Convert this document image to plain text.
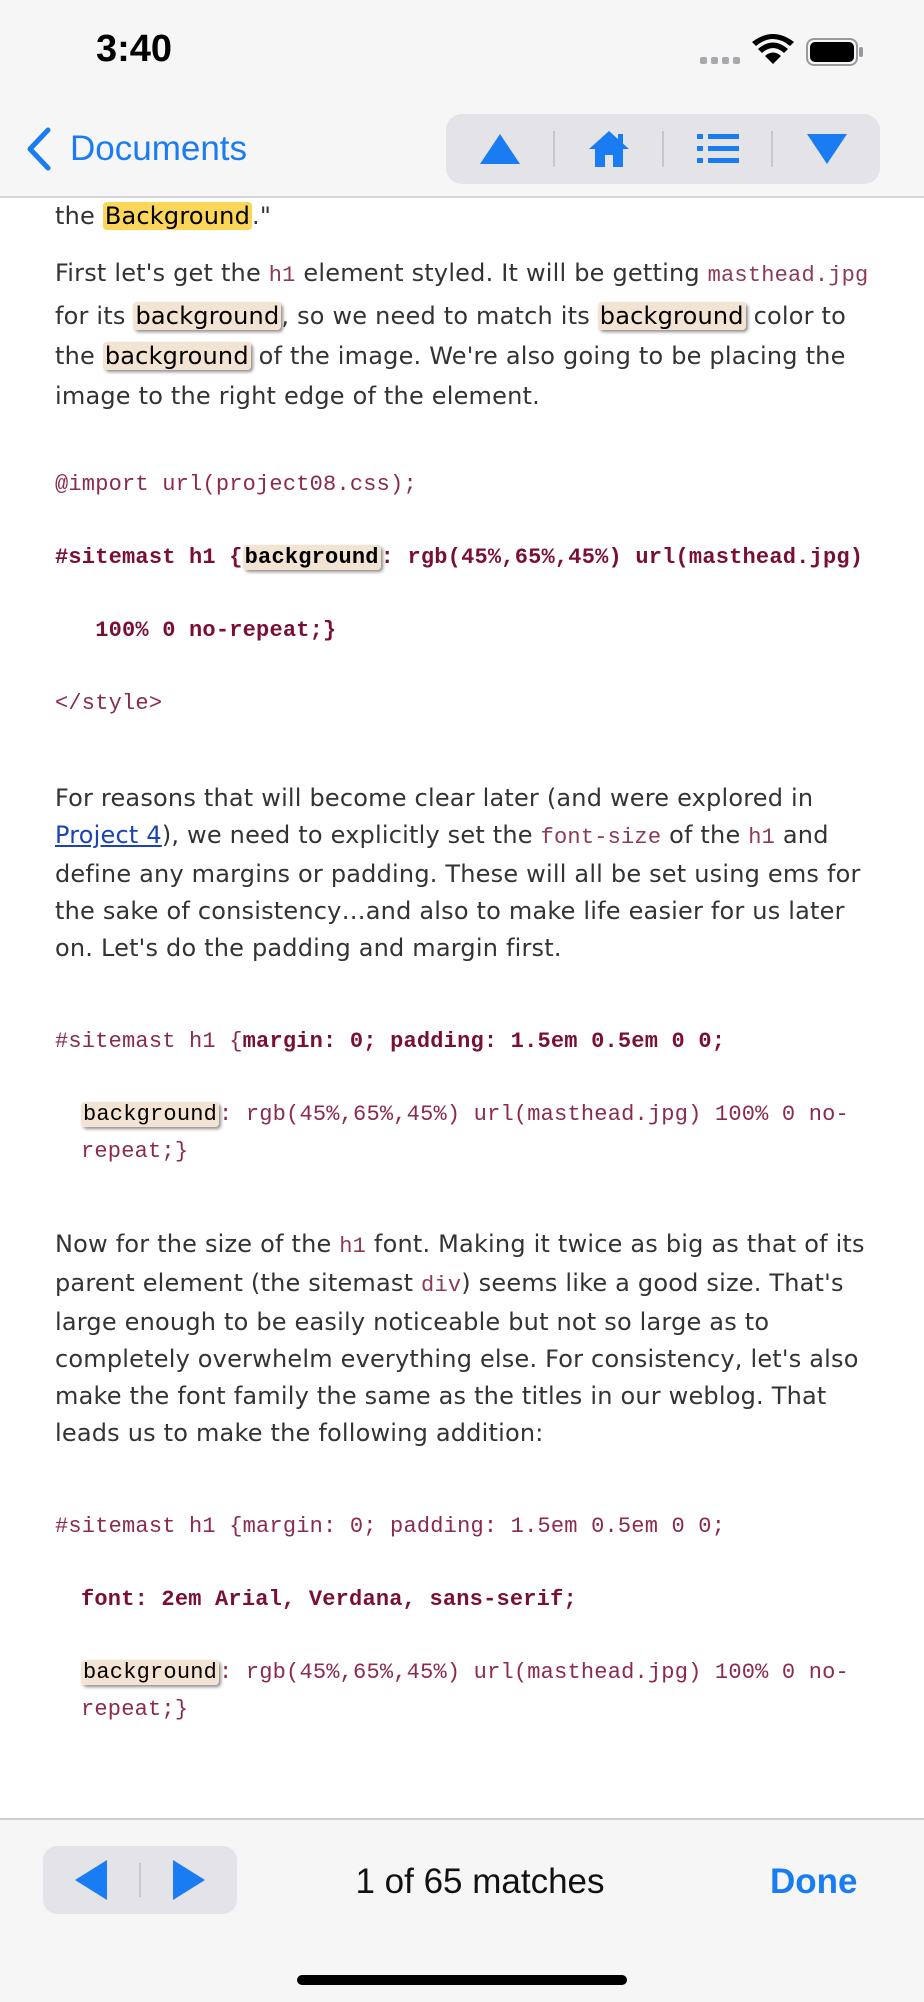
3:40
Documents

the Background."

First let's get the h1 element styled. It will be getting masthead.jpg for its background, so we need to match its background color to the background of the image. We're also going to be placing the image to the right edge of the element.

@import url(project08.css);

#sitemast h1 {background: rgb(45%,65%,45%) url(masthead.jpg)

100% 0 no-repeat;}

</style>

For reasons that will become clear later (and were explored in Project 4), we need to explicitly set the font-size of the h1 and define any margins or padding. These will all be set using ems for the sake of consistency…and also to make life easier for us later on. Let's do the padding and margin first.

#sitemast h1 {margin: 0; padding: 1.5em 0.5em 0 0;

background: rgb(45%,65%,45%) url(masthead.jpg) 100% 0 no-repeat;}

Now for the size of the h1 font. Making it twice as big as that of its parent element (the sitemast div) seems like a good size. That's large enough to be easily noticeable but not so large as to completely overwhelm everything else. For consistency, let's also make the font family the same as the titles in our weblog. That leads us to make the following addition:

#sitemast h1 {margin: 0; padding: 1.5em 0.5em 0 0;

font: 2em Arial, Verdana, sans-serif;

background: rgb(45%,65%,45%) url(masthead.jpg) 100% 0 no-repeat;}

1 of 65 matches	Done
